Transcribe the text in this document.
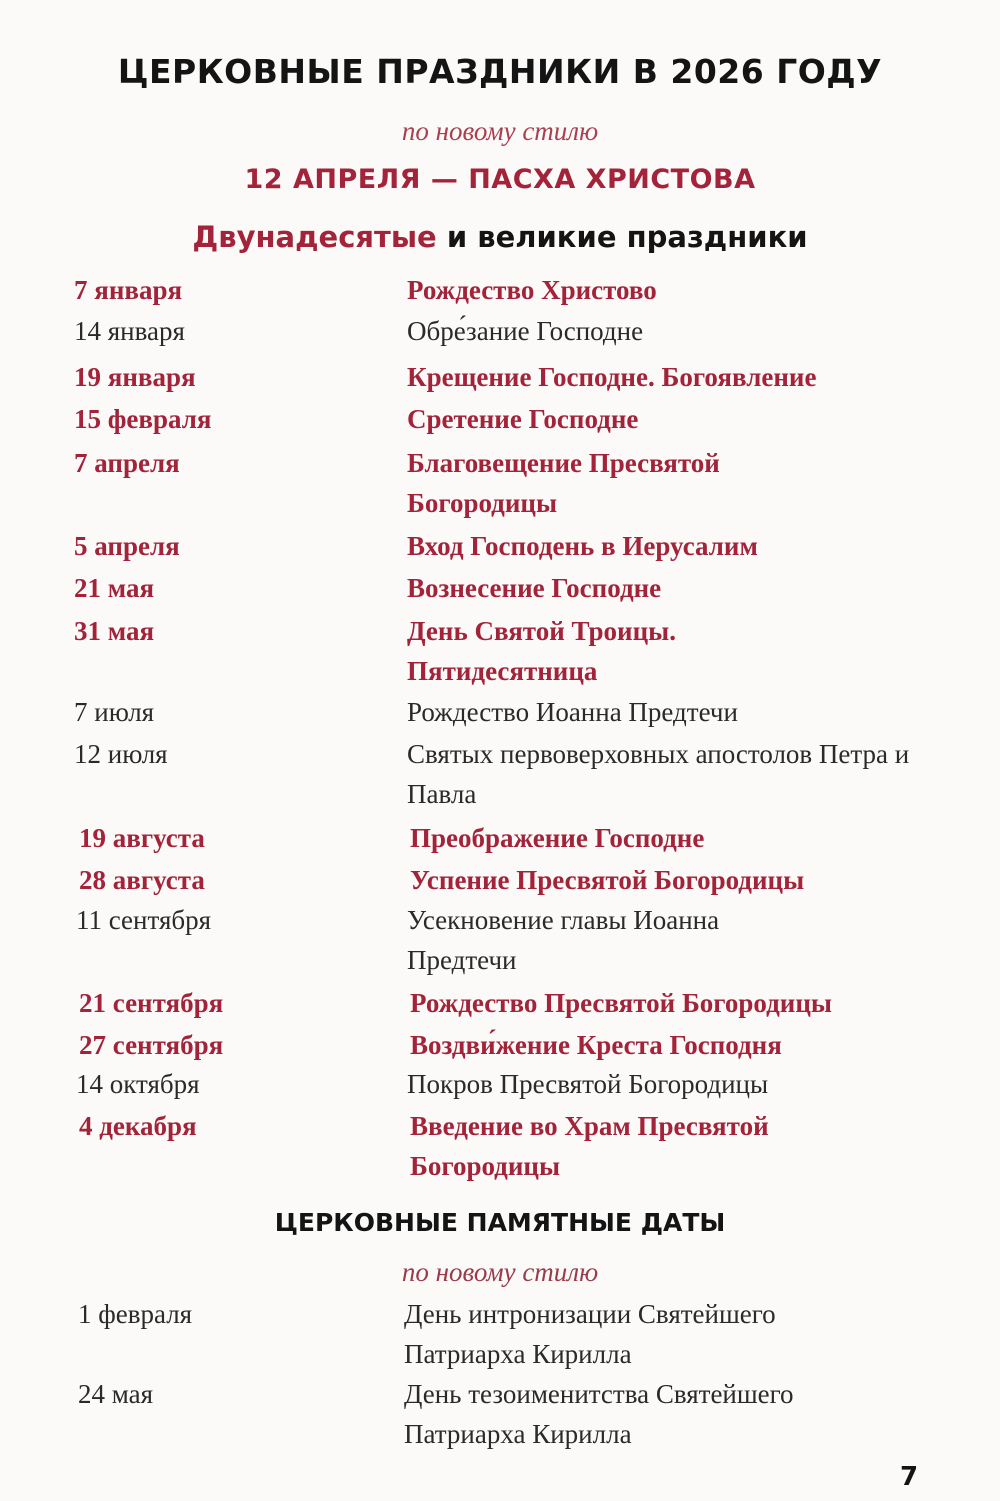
ЦЕРКОВНЫЕ ПРАЗДНИКИ В 2026 ГОДУ
по новому стилю
12 АПРЕЛЯ — ПАСХА ХРИСТОВА
Двунадесятые и великие праздники
7 января	Рождество Христово
14 января	Обре́зание Господне
19 января	Крещение Господне. Богоявление
15 февраля	Сретение Господне
7 апреля	Благовещение Пресвятой Богородицы
5 апреля	Вход Господень в Иерусалим
21 мая	Вознесение Господне
31 мая	День Святой Троицы. Пятидесятница
7 июля	Рождество Иоанна Предтечи
12 июля	Святых первоверховных апостолов Петра и Павла
19 августа	Преображение Господне
28 августа	Успение Пресвятой Богородицы
11 сентября	Усекновение главы Иоанна Предтечи
21 сентября	Рождество Пресвятой Богородицы
27 сентября	Воздви́жение Креста Господня
14 октября	Покров Пресвятой Богородицы
4 декабря	Введение во Храм Пресвятой Богородицы
ЦЕРКОВНЫЕ ПАМЯТНЫЕ ДАТЫ
по новому стилю
1 февраля	День интронизации Святейшего Патриарха Кирилла
24 мая	День тезоименитства Святейшего Патриарха Кирилла
7
